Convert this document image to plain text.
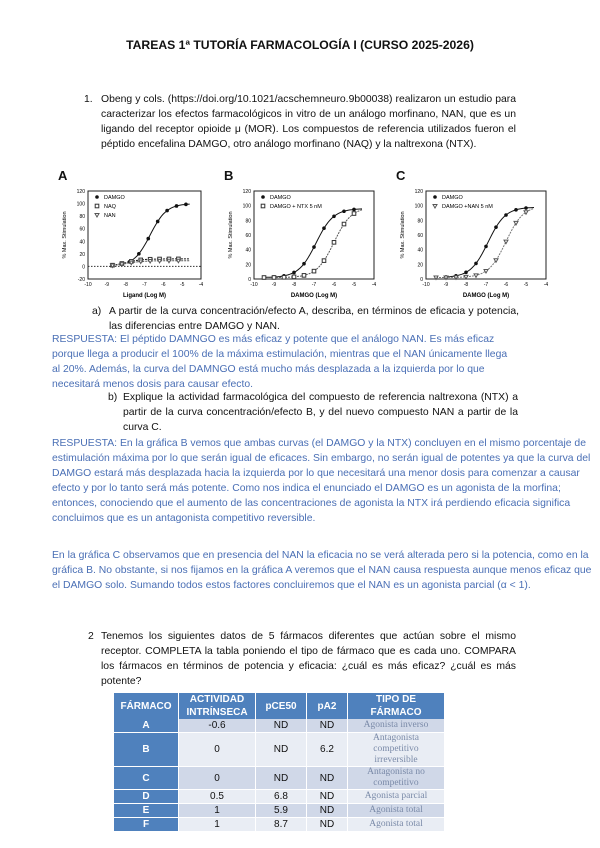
TAREAS 1ª TUTORÍA FARMACOLOGÍA I (CURSO 2025-2026)
1. Obeng y cols. (https://doi.org/10.1021/acschemneuro.9b00038) realizaron un estudio para caracterizar los efectos farmacológicos in vitro de un análogo morfinano, NAN, que es un ligando del receptor opioide μ (MOR). Los compuestos de referencia utilizados fueron el péptido encefalina DAMGO, otro análogo morfinano (NAQ) y la naltrexona (NTX).
A
120
100
80
60
40
20
0
-20
-10	-9	-8	-7	-6	-5	-4
Ligand (Log M)
% Max. Stimulation
DAMGO
NAQ
NAN
B
120
100
80
60
40
20
0
-10	-9	-8	-7	-6	-5	-4
DAMGO (Log M)
% Max. Stimulation
DAMGO
DAMGO + NTX 5 nM
C
120
100
80
60
40
20
0
-10	-9	-8	-7	-6	-5	-4
DAMGO (Log M)
% Max. Stimulation
DAMGO
DAMGO +NAN 5 nM
a) A partir de la curva concentración/efecto A, describa, en términos de eficacia y potencia, las diferencias entre DAMGO y NAN.
RESPUESTA: El péptido DAMNGO es más eficaz y potente que el análogo NAN. Es más eficaz porque llega a producir el 100% de la máxima estimulación, mientras que el NAN únicamente llega al 20%. Además, la curva del DAMNGO está mucho más desplazada a la izquierda por lo que necesitará menos dosis para causar efecto.
b) Explique la actividad farmacológica del compuesto de referencia naltrexona (NTX) a partir de la curva concentración/efecto B, y del nuevo compuesto NAN a partir de la curva C.
RESPUESTA: En la gráfica B vemos que ambas curvas (el DAMGO y la NTX) concluyen en el mismo porcentaje de estimulación máxima por lo que serán igual de eficaces. Sin embargo, no serán igual de potentes ya que la curva del DAMGO estará más desplazada hacia la izquierda por lo que necesitará una menor dosis para comenzar a causar efecto y por lo tanto será más potente. Como nos indica el enunciado el DAMGO es un agonista de la morfina; entonces, conociendo que el aumento de las concentraciones de agonista la NTX irá perdiendo eficacia significa concluimos que es un antagonista competitivo reversible.
En la gráfica C observamos que en presencia del NAN la eficacia no se verá alterada pero si la potencia, como en la gráfica B. No obstante, si nos fijamos en la gráfica A veremos que el NAN causa respuesta aunque menos eficaz que el DAMGO solo. Sumando todos estos factores concluiremos que el NAN es un agonista parcial (α < 1).
2 Tenemos los siguientes datos de 5 fármacos diferentes que actúan sobre el mismo receptor. COMPLETA la tabla poniendo el tipo de fármaco que es cada uno. COMPARA los fármacos en términos de potencia y eficacia: ¿cuál es más eficaz? ¿cuál es más potente?
FÁRMACO	ACTIVIDAD INTRÍNSECA	pCE50	pA2	TIPO DE FÁRMACO
A	-0.6	ND	ND	Agonista inverso
B	0	ND	6.2	Antagonista competitivo irreversible
C	0	ND	ND	Antagonista no competitivo
D	0.5	6.8	ND	Agonista parcial
E	1	5.9	ND	Agonista total
F	1	8.7	ND	Agonista total
